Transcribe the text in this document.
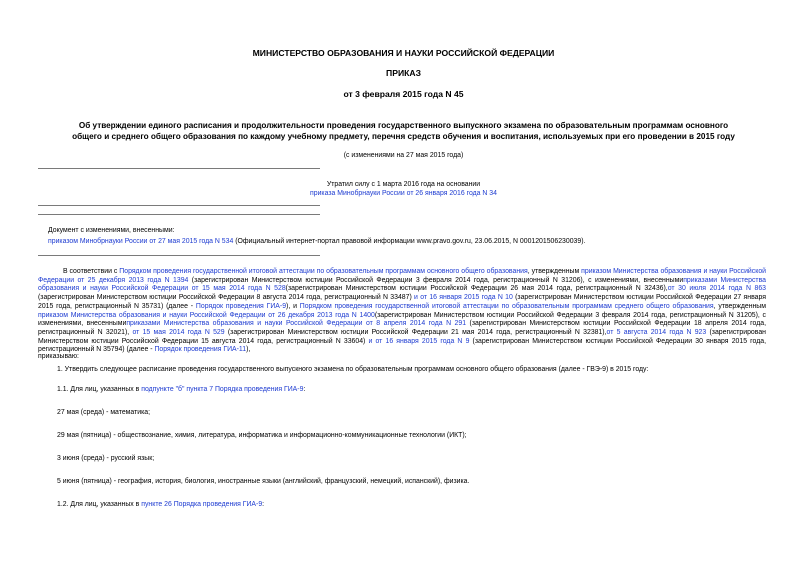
МИНИСТЕРСТВО ОБРАЗОВАНИЯ И НАУКИ РОССИЙСКОЙ ФЕДЕРАЦИИ
ПРИКАЗ
от 3 февраля 2015 года N 45
Об утверждении единого расписания и продолжительности проведения государственного выпускного экзамена по образовательным программам основного
общего и среднего общего образования по каждому учебному предмету, перечня средств обучения и воспитания, используемых при его проведении в 2015 году
(с изменениями на 27 мая 2015 года)
Утратил силу с 1 марта 2016 года на основании
приказа Минобрнауки России от 26 января 2016 года N 34
Документ с изменениями, внесенными:
приказом Минобрнауки России от 27 мая 2015 года N 534 (Официальный интернет-портал правовой информации www.pravo.gov.ru, 23.06.2015, N 0001201506230039).
В соответствии с Порядком проведения государственной итоговой аттестации по образовательным программам основного общего образования, утвержденным приказом Министерства образования и науки Российской Федерации от 25 декабря 2013 года N 1394 (зарегистрирован Министерством юстиции Российской Федерации 3 февраля 2014 года, регистрационный N 31206), с изменениями, внесеннымиприказами Министерства образования и науки Российской Федерации от 15 мая 2014 года N 528(зарегистрирован Министерством юстиции Российской Федерации 26 мая 2014 года, регистрационный N 32436),от 30 июля 2014 года N 863 (зарегистрирован Министерством юстиции Российской Федерации 8 августа 2014 года, регистрационный N 33487) и от 16 января 2015 года N 10 (зарегистрирован Министерством юстиции Российской Федерации 27 января 2015 года, регистрационный N 35731) (далее - Порядок проведения ГИА-9), и Порядком проведения государственной итоговой аттестации по образовательным программам среднего общего образования, утвержденным приказом Министерства образования и науки Российской Федерации от 26 декабря 2013 года N 1400(зарегистрирован Министерством юстиции Российской Федерации 3 февраля 2014 года, регистрационный N 31205), с изменениями, внесеннымиприказами Министерства образования и науки Российской Федерации от 8 апреля 2014 года N 291 (зарегистрирован Министерством юстиции Российской Федерации 18 апреля 2014 года, регистрационный N 32021), от 15 мая 2014 года N 529 (зарегистрирован Министерством юстиции Российской Федерации 21 мая 2014 года, регистрационный N 32381),от 5 августа 2014 года N 923 (зарегистрирован Министерством юстиции Российской Федерации 15 августа 2014 года, регистрационный N 33604) и от 16 января 2015 года N 9 (зарегистрирован Министерством юстиции Российской Федерации 30 января 2015 года, регистрационный N 35794) (далее - Порядок проведения ГИА-11),
приказываю:
1. Утвердить следующее расписание проведения государственного выпускного экзамена по образовательным программам основного общего образования (далее - ГВЭ-9) в 2015 году:
1.1. Для лиц, указанных в подпункте "б" пункта 7 Порядка проведения ГИА-9:
27 мая (среда) - математика;
29 мая (пятница) - обществознание, химия, литература, информатика и информационно-коммуникационные технологии (ИКТ);
3 июня (среда) - русский язык;
5 июня (пятница) - география, история, биология, иностранные языки (английский, французский, немецкий, испанский), физика.
1.2. Для лиц, указанных в пункте 26 Порядка проведения ГИА-9:
